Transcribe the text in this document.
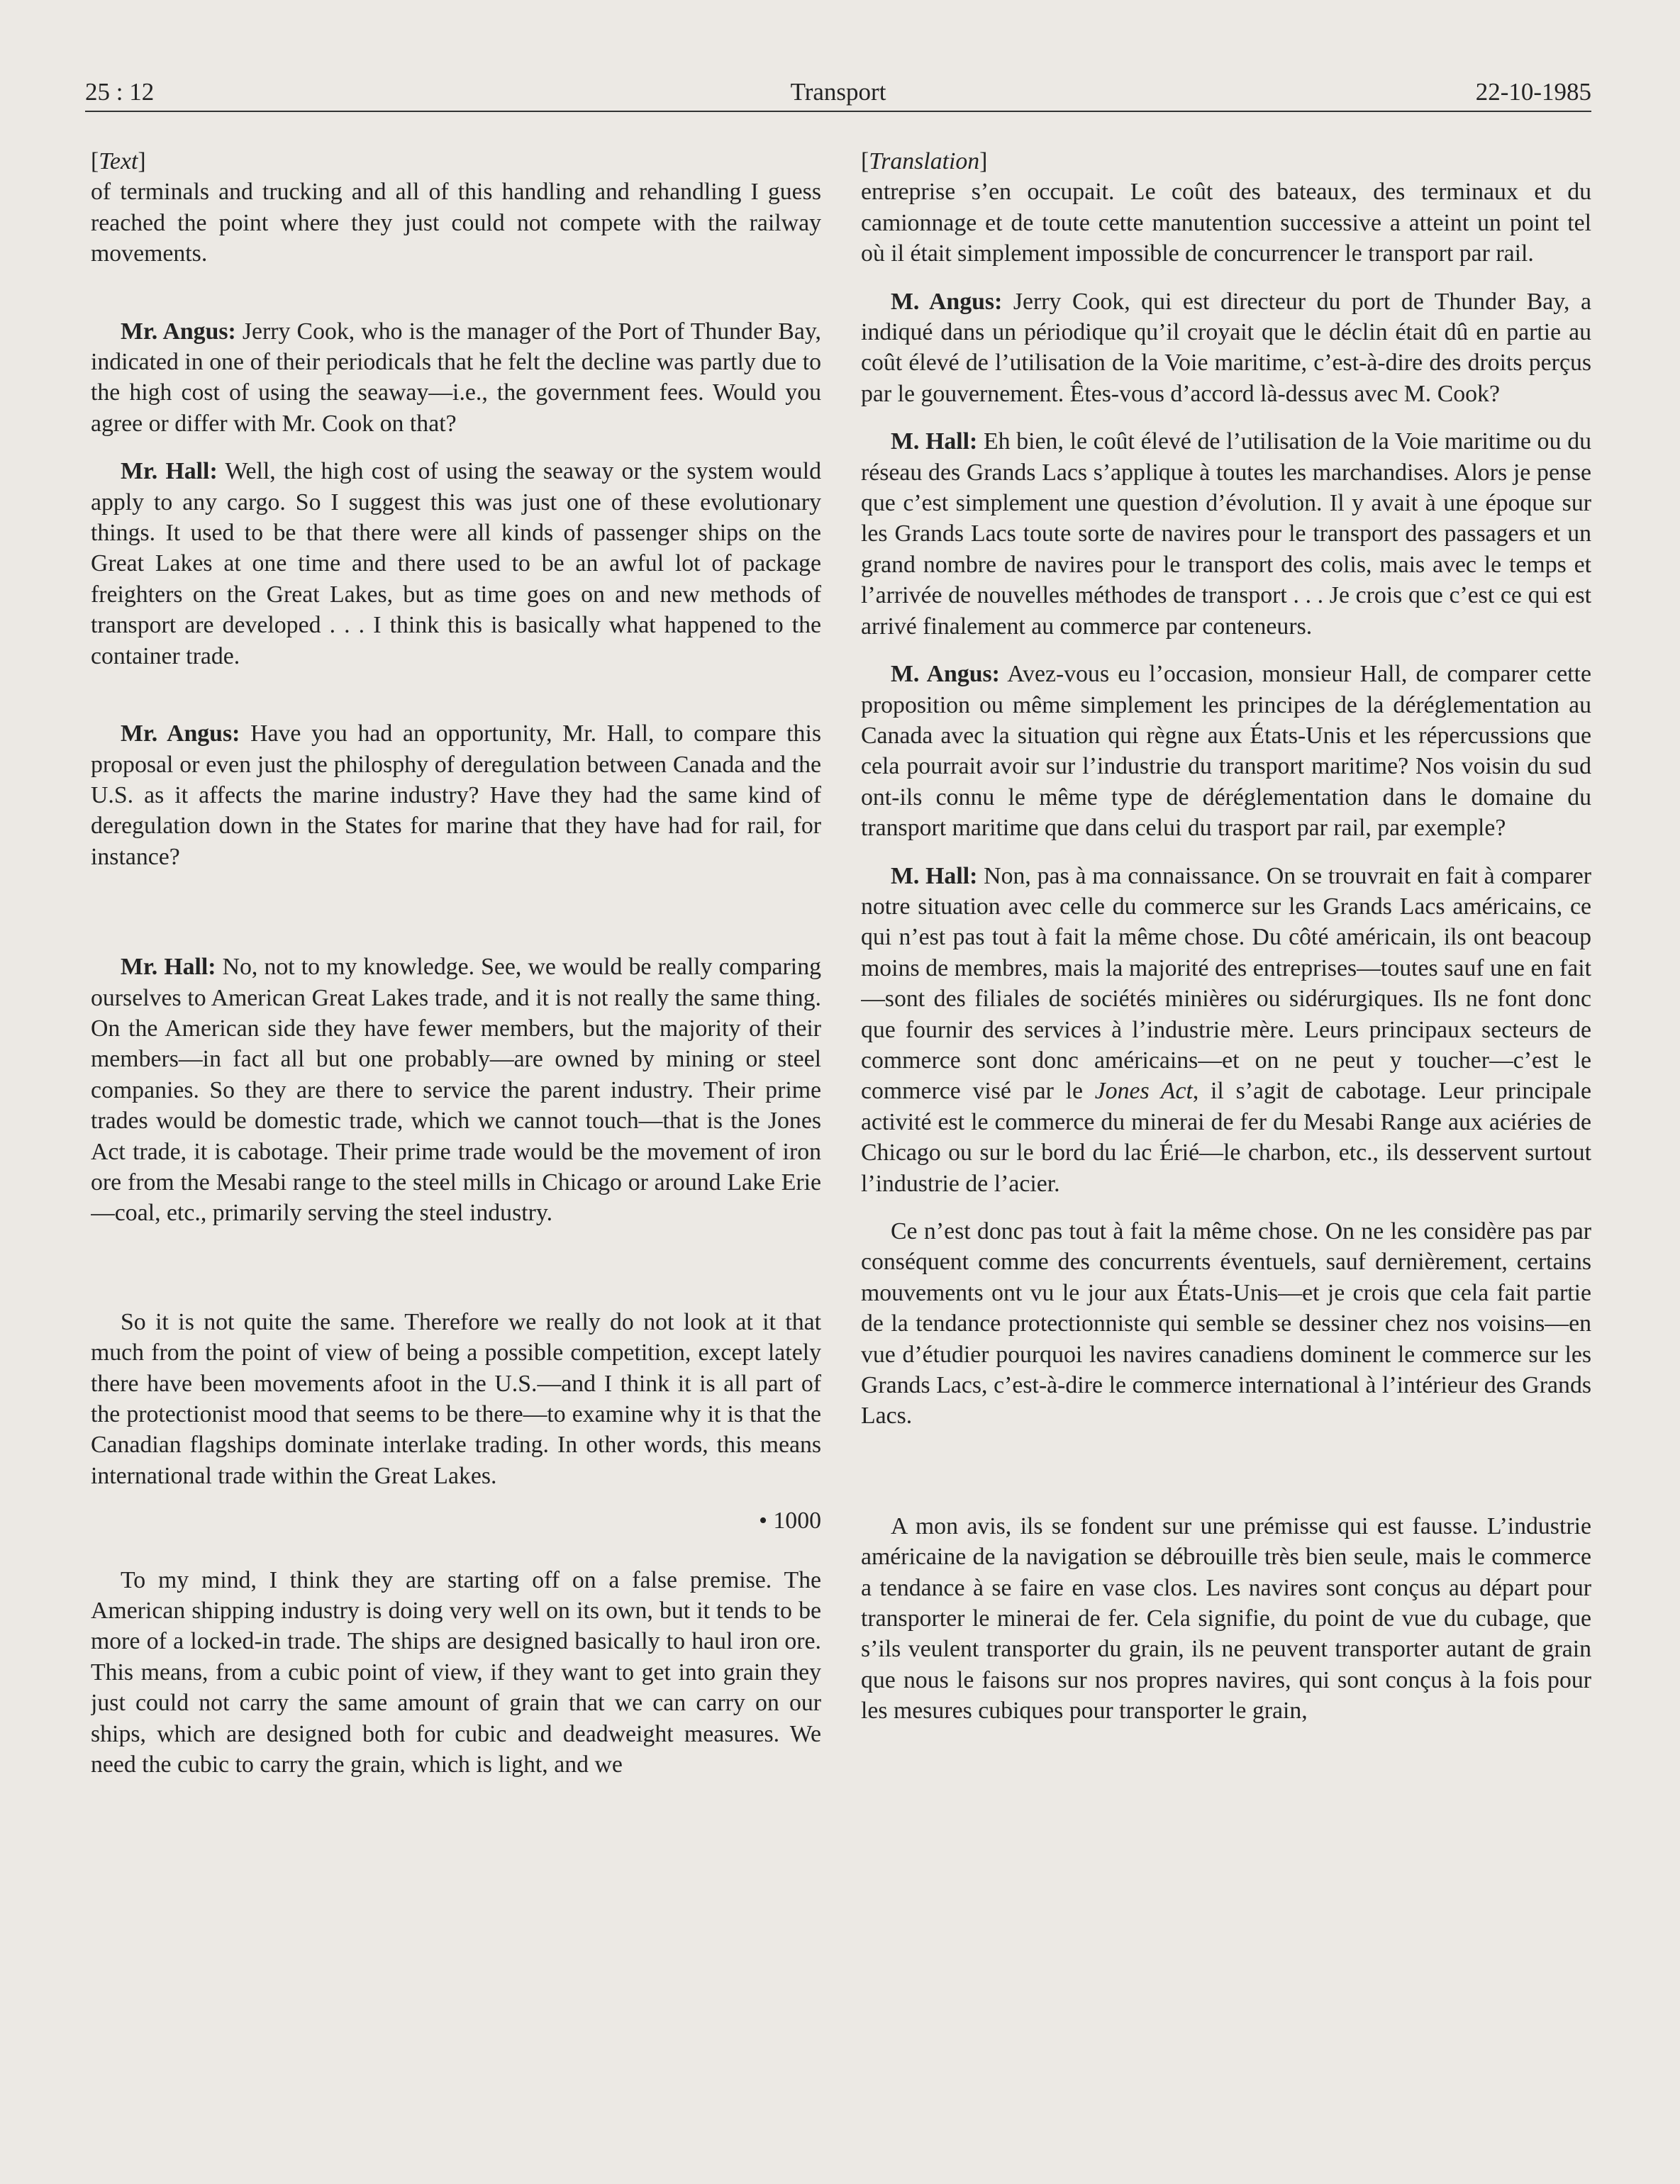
25 : 12	Transport	22-10-1985

[Text]

of terminals and trucking and all of this handling and rehandling I guess reached the point where they just could not compete with the railway movements.

Mr. Angus: Jerry Cook, who is the manager of the Port of Thunder Bay, indicated in one of their periodicals that he felt the decline was partly due to the high cost of using the seaway—i.e., the government fees. Would you agree or differ with Mr. Cook on that?

Mr. Hall: Well, the high cost of using the seaway or the system would apply to any cargo. So I suggest this was just one of these evolutionary things. It used to be that there were all kinds of passenger ships on the Great Lakes at one time and there used to be an awful lot of package freighters on the Great Lakes, but as time goes on and new methods of transport are developed . . . I think this is basically what happened to the container trade.

Mr. Angus: Have you had an opportunity, Mr. Hall, to compare this proposal or even just the philosphy of deregulation between Canada and the U.S. as it affects the marine industry? Have they had the same kind of deregulation down in the States for marine that they have had for rail, for instance?

Mr. Hall: No, not to my knowledge. See, we would be really comparing ourselves to American Great Lakes trade, and it is not really the same thing. On the American side they have fewer members, but the majority of their members—in fact all but one probably—are owned by mining or steel companies. So they are there to service the parent industry. Their prime trades would be domestic trade, which we cannot touch—that is the Jones Act trade, it is cabotage. Their prime trade would be the movement of iron ore from the Mesabi range to the steel mills in Chicago or around Lake Erie—coal, etc., primarily serving the steel industry.

So it is not quite the same. Therefore we really do not look at it that much from the point of view of being a possible competition, except lately there have been movements afoot in the U.S.—and I think it is all part of the protectionist mood that seems to be there—to examine why it is that the Canadian flagships dominate interlake trading. In other words, this means international trade within the Great Lakes.

• 1000

To my mind, I think they are starting off on a false premise. The American shipping industry is doing very well on its own, but it tends to be more of a locked-in trade. The ships are designed basically to haul iron ore. This means, from a cubic point of view, if they want to get into grain they just could not carry the same amount of grain that we can carry on our ships, which are designed both for cubic and deadweight measures. We need the cubic to carry the grain, which is light, and we

[Translation]

entreprise s’en occupait. Le coût des bateaux, des terminaux et du camionnage et de toute cette manutention successive a atteint un point tel où il était simplement impossible de concurrencer le transport par rail.

M. Angus: Jerry Cook, qui est directeur du port de Thunder Bay, a indiqué dans un périodique qu’il croyait que le déclin était dû en partie au coût élevé de l’utilisation de la Voie maritime, c’est-à-dire des droits perçus par le gouvernement. Êtes-vous d’accord là-dessus avec M. Cook?

M. Hall: Eh bien, le coût élevé de l’utilisation de la Voie maritime ou du réseau des Grands Lacs s’applique à toutes les marchandises. Alors je pense que c’est simplement une question d’évolution. Il y avait à une époque sur les Grands Lacs toute sorte de navires pour le transport des passagers et un grand nombre de navires pour le transport des colis, mais avec le temps et l’arrivée de nouvelles méthodes de transport . . . Je crois que c’est ce qui est arrivé finalement au commerce par conteneurs.

M. Angus: Avez-vous eu l’occasion, monsieur Hall, de comparer cette proposition ou même simplement les principes de la déréglementation au Canada avec la situation qui règne aux États-Unis et les répercussions que cela pourrait avoir sur l’industrie du transport maritime? Nos voisin du sud ont-ils connu le même type de déréglementation dans le domaine du transport maritime que dans celui du trasport par rail, par exemple?

M. Hall: Non, pas à ma connaissance. On se trouvrait en fait à comparer notre situation avec celle du commerce sur les Grands Lacs américains, ce qui n’est pas tout à fait la même chose. Du côté américain, ils ont beacoup moins de membres, mais la majorité des entreprises—toutes sauf une en fait—sont des filiales de sociétés minières ou sidérurgiques. Ils ne font donc que fournir des services à l’industrie mère. Leurs principaux secteurs de commerce sont donc américains—et on ne peut y toucher—c’est le commerce visé par le Jones Act, il s’agit de cabotage. Leur principale activité est le commerce du minerai de fer du Mesabi Range aux aciéries de Chicago ou sur le bord du lac Érié—le charbon, etc., ils desservent surtout l’industrie de l’acier.

Ce n’est donc pas tout à fait la même chose. On ne les considère pas par conséquent comme des concurrents éventuels, sauf dernièrement, certains mouvements ont vu le jour aux États-Unis—et je crois que cela fait partie de la tendance protectionniste qui semble se dessiner chez nos voisins—en vue d’étudier pourquoi les navires canadiens dominent le commerce sur les Grands Lacs, c’est-à-dire le commerce international à l’intérieur des Grands Lacs.

A mon avis, ils se fondent sur une prémisse qui est fausse. L’industrie américaine de la navigation se débrouille très bien seule, mais le commerce a tendance à se faire en vase clos. Les navires sont conçus au départ pour transporter le minerai de fer. Cela signifie, du point de vue du cubage, que s’ils veulent transporter du grain, ils ne peuvent transporter autant de grain que nous le faisons sur nos propres navires, qui sont conçus à la fois pour les mesures cubiques pour transporter le grain,
